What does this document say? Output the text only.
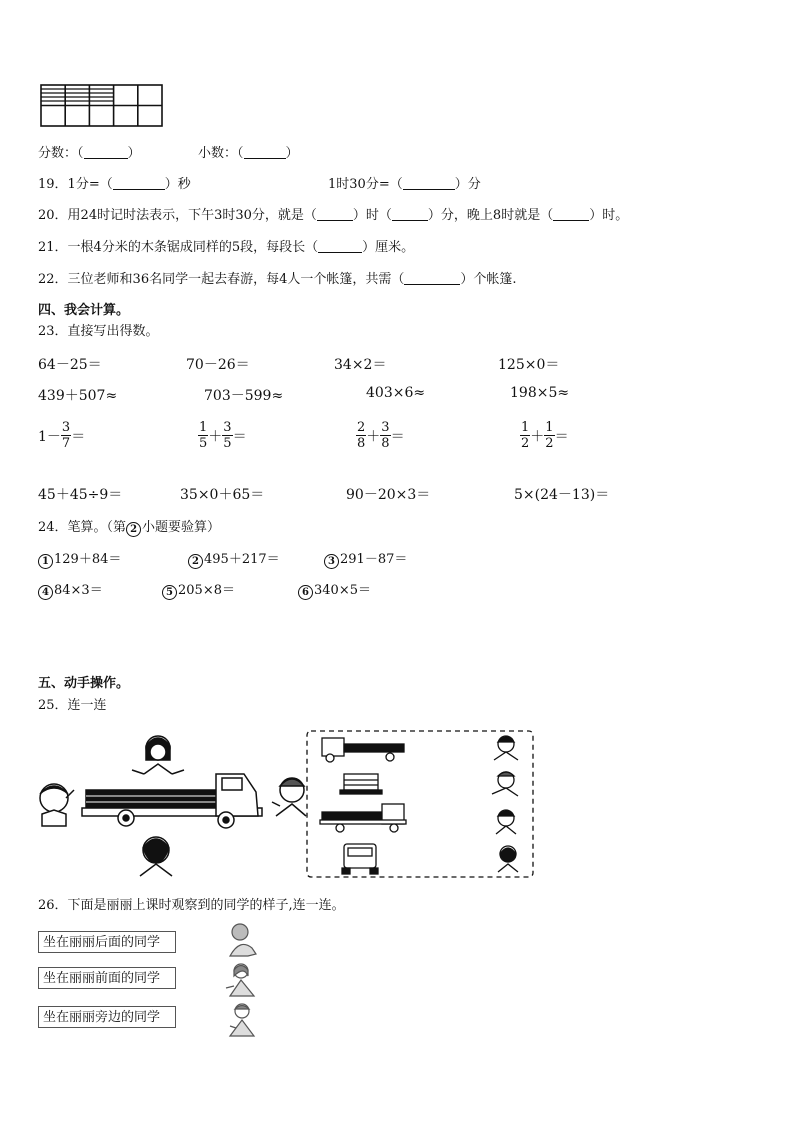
分数：（	）	小数：（	）
19．1分=（	）秒	1时30分=（	）分
20．用24时记时法表示，下午3时30分，就是（	）时（	）分，晚上8时就是（	）时。
21．一根4分米的木条锯成同样的5段，每段长（	）厘米。
22．三位老师和36名同学一起去春游，每4人一个帐篷，共需（	）个帐篷.
四、我会计算。
23．直接写出得数。
64－25＝	70－26＝	34×2＝	125×0＝
439＋507≈	703－599≈	403×6≈	198×5≈
$1- \frac{3}{7}$ ＝	$\frac{1}{5} + \frac{3}{5}$ ＝	$\frac{2}{8} + \frac{3}{8}$ ＝	$\frac{1}{2} + \frac{1}{2}$ ＝
45＋45÷9＝	35×0＋65＝	90－20×3＝	5×(24－13)＝
24．笔算。（第 2 小题要验算）
1 129＋84＝	2 495＋217＝	3 291－87＝
4 84×3＝	5 205×8＝	6 340×5＝
五、动手操作。
25．连一连
26．下面是丽丽上课时观察到的同学的样子,连一连。
坐在丽丽后面的同学
坐在丽丽前面的同学
坐在丽丽旁边的同学
